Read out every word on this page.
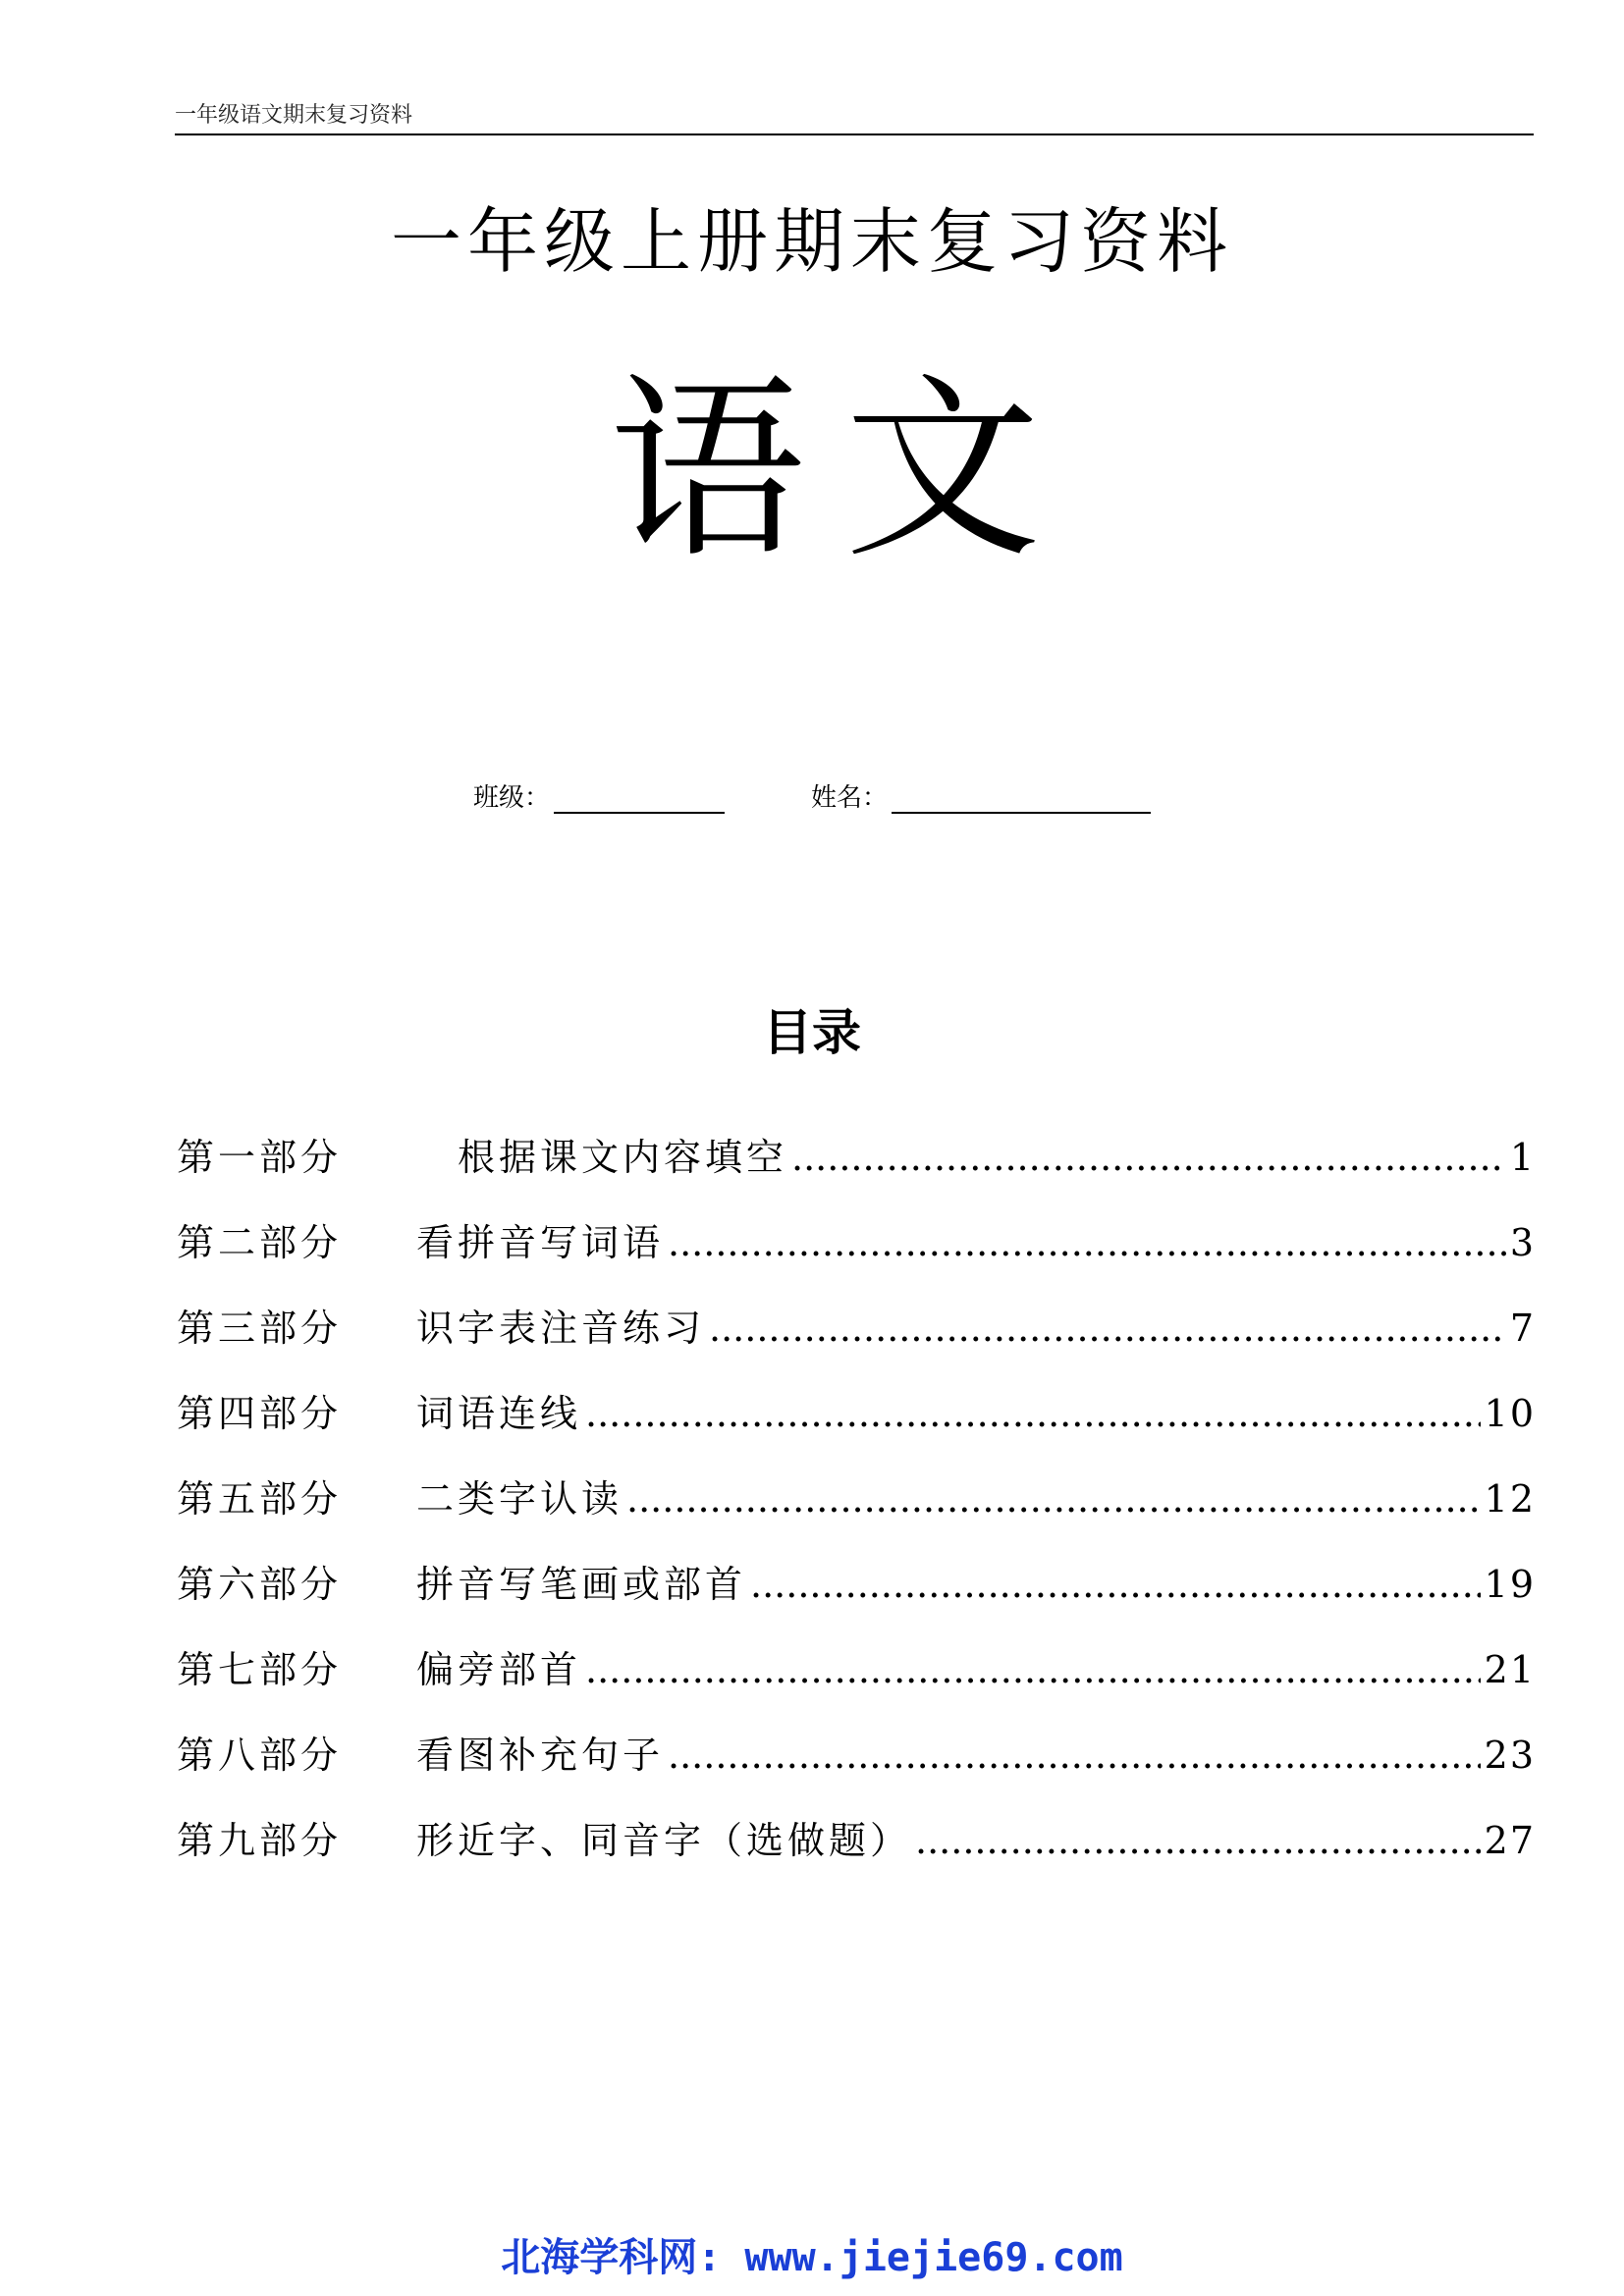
一年级语文期末复习资料
一年级上册期末复习资料
语文
班级：	姓名：
目录
第一部分	　根据课文内容填空 .....	1
第二部分	看拼音写词语 .....	3
第三部分	识字表注音练习 .....	7
第四部分	词语连线 .....	10
第五部分	二类字认读 .....	12
第六部分	拼音写笔画或部首 .....	19
第七部分	偏旁部首 .....	21
第八部分	看图补充句子 .....	23
第九部分	形近字、同音字（选做题） .....	27
北海学科网: www.jiejie69.com
